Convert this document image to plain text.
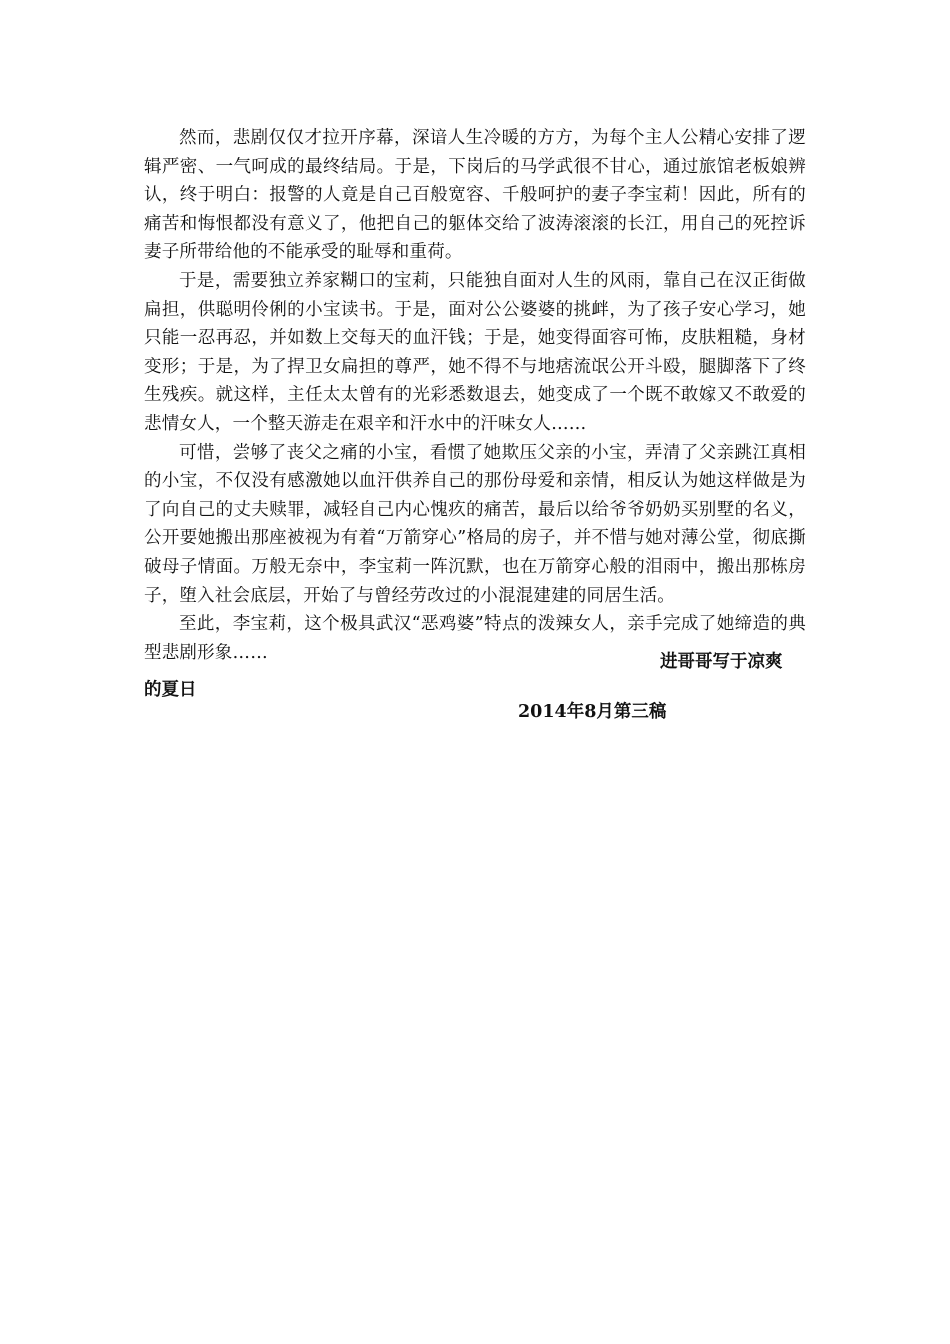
然而，悲剧仅仅才拉开序幕，深谙人生冷暖的方方，为每个主人公精心安排了逻辑严密、一气呵成的最终结局。于是，下岗后的马学武很不甘心，通过旅馆老板娘辨认，终于明白：报警的人竟是自己百般宽容、千般呵护的妻子李宝莉！因此，所有的痛苦和悔恨都没有意义了，他把自己的躯体交给了波涛滚滚的长江，用自己的死控诉妻子所带给他的不能承受的耻辱和重荷。

于是，需要独立养家糊口的宝莉，只能独自面对人生的风雨，靠自己在汉正街做扁担，供聪明伶俐的小宝读书。于是，面对公公婆婆的挑衅，为了孩子安心学习，她只能一忍再忍，并如数上交每天的血汗钱；于是，她变得面容可怖，皮肤粗糙，身材变形；于是，为了捍卫女扁担的尊严，她不得不与地痞流氓公开斗殴，腿脚落下了终生残疾。就这样，主任太太曾有的光彩悉数退去，她变成了一个既不敢嫁又不敢爱的悲情女人，一个整天游走在艰辛和汗水中的汗味女人……

可惜，尝够了丧父之痛的小宝，看惯了她欺压父亲的小宝，弄清了父亲跳江真相的小宝，不仅没有感激她以血汗供养自己的那份母爱和亲情，相反认为她这样做是为了向自己的丈夫赎罪，减轻自己内心愧疚的痛苦，最后以给爷爷奶奶买别墅的名义，公开要她搬出那座被视为有着“万箭穿心”格局的房子，并不惜与她对薄公堂，彻底撕破母子情面。万般无奈中，李宝莉一阵沉默，也在万箭穿心般的泪雨中，搬出那栋房子，堕入社会底层，开始了与曾经劳改过的小混混建建的同居生活。

至此，李宝莉，这个极具武汉“恶鸡婆”特点的泼辣女人，亲手完成了她缔造的典型悲剧形象……	进哥哥写于凉爽
的夏日
2014年8月第三稿
